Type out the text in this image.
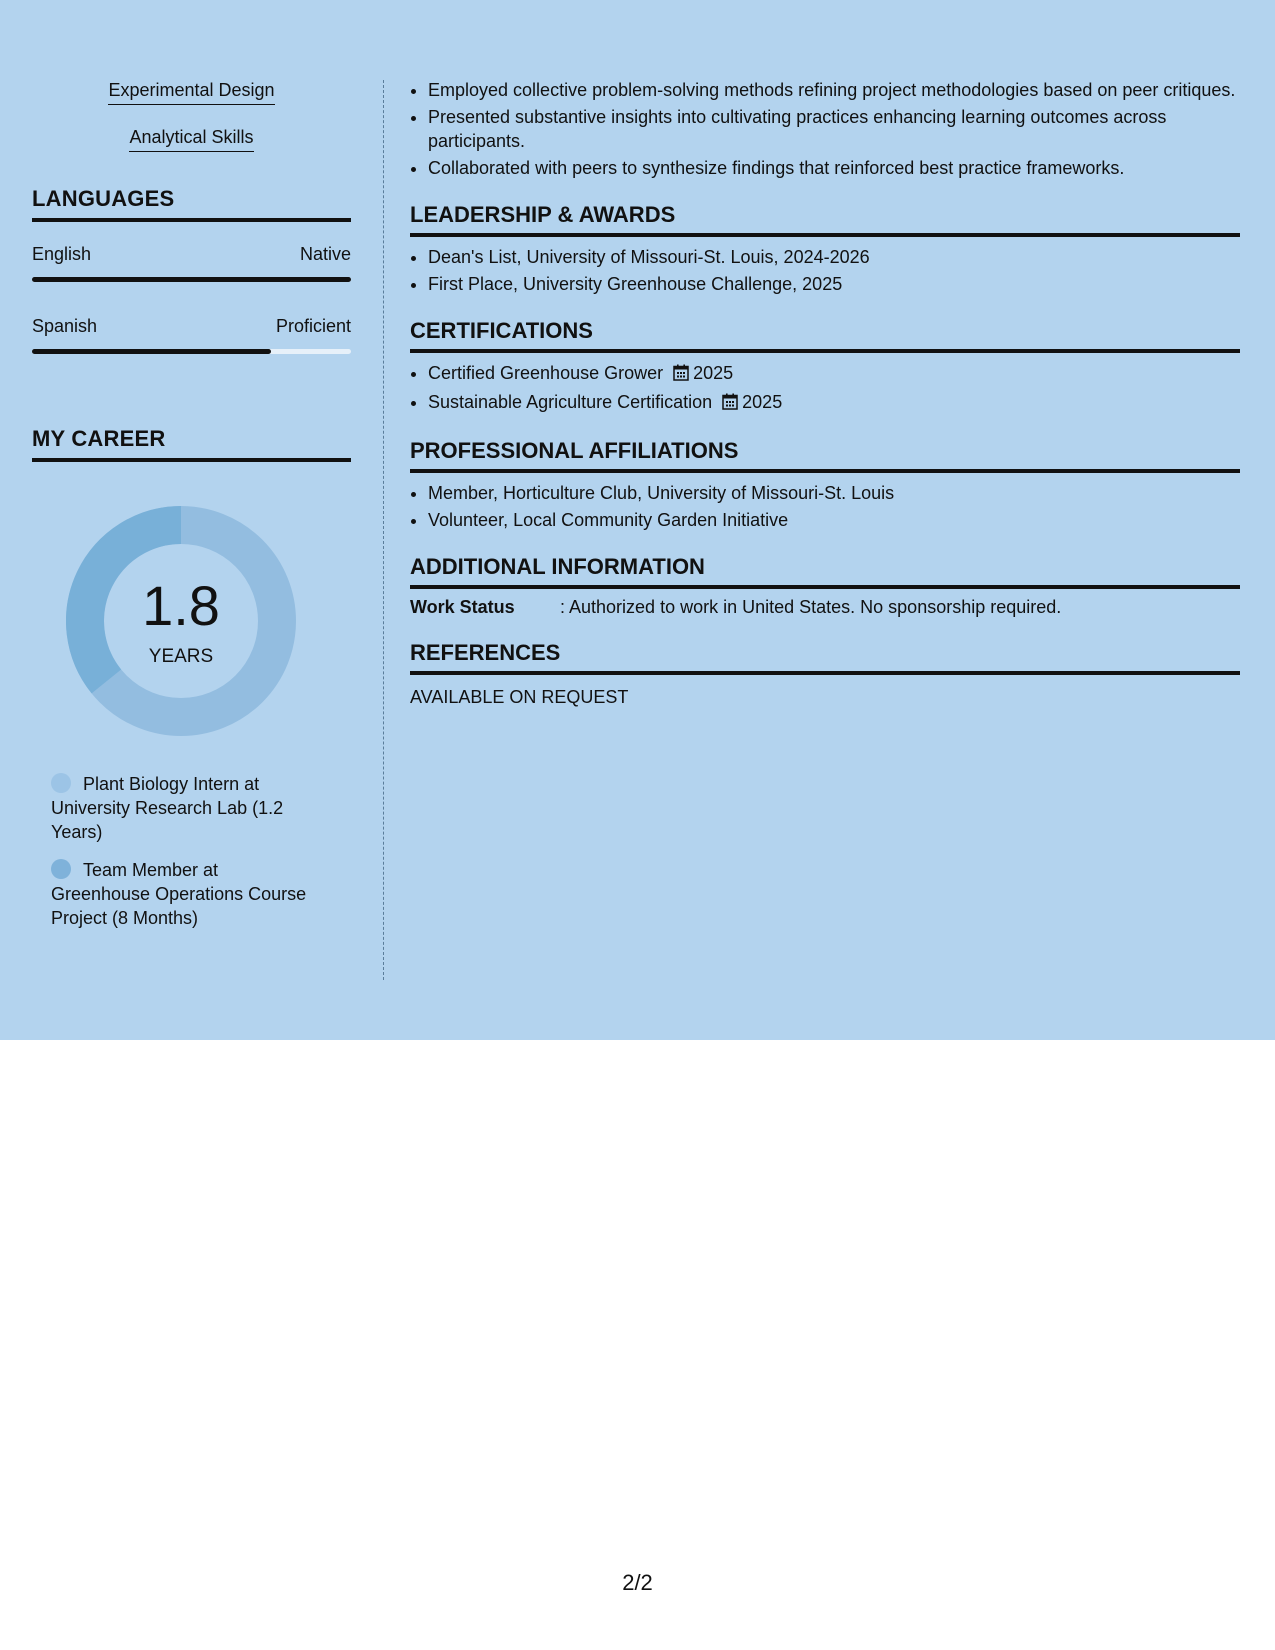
Experimental Design
Analytical Skills
LANGUAGES
English	Native
Spanish	Proficient
MY CAREER
1.8
YEARS
Plant Biology Intern at University Research Lab (1.2 Years)
Team Member at Greenhouse Operations Course Project (8 Months)
• Employed collective problem-solving methods refining project methodologies based on peer critiques.
• Presented substantive insights into cultivating practices enhancing learning outcomes across participants.
• Collaborated with peers to synthesize findings that reinforced best practice frameworks.
LEADERSHIP & AWARDS
• Dean's List, University of Missouri-St. Louis, 2024-2026
• First Place, University Greenhouse Challenge, 2025
CERTIFICATIONS
• Certified Greenhouse Grower 2025
• Sustainable Agriculture Certification 2025
PROFESSIONAL AFFILIATIONS
• Member, Horticulture Club, University of Missouri-St. Louis
• Volunteer, Local Community Garden Initiative
ADDITIONAL INFORMATION
Work Status	: Authorized to work in United States. No sponsorship required.
REFERENCES
AVAILABLE ON REQUEST
2/2
